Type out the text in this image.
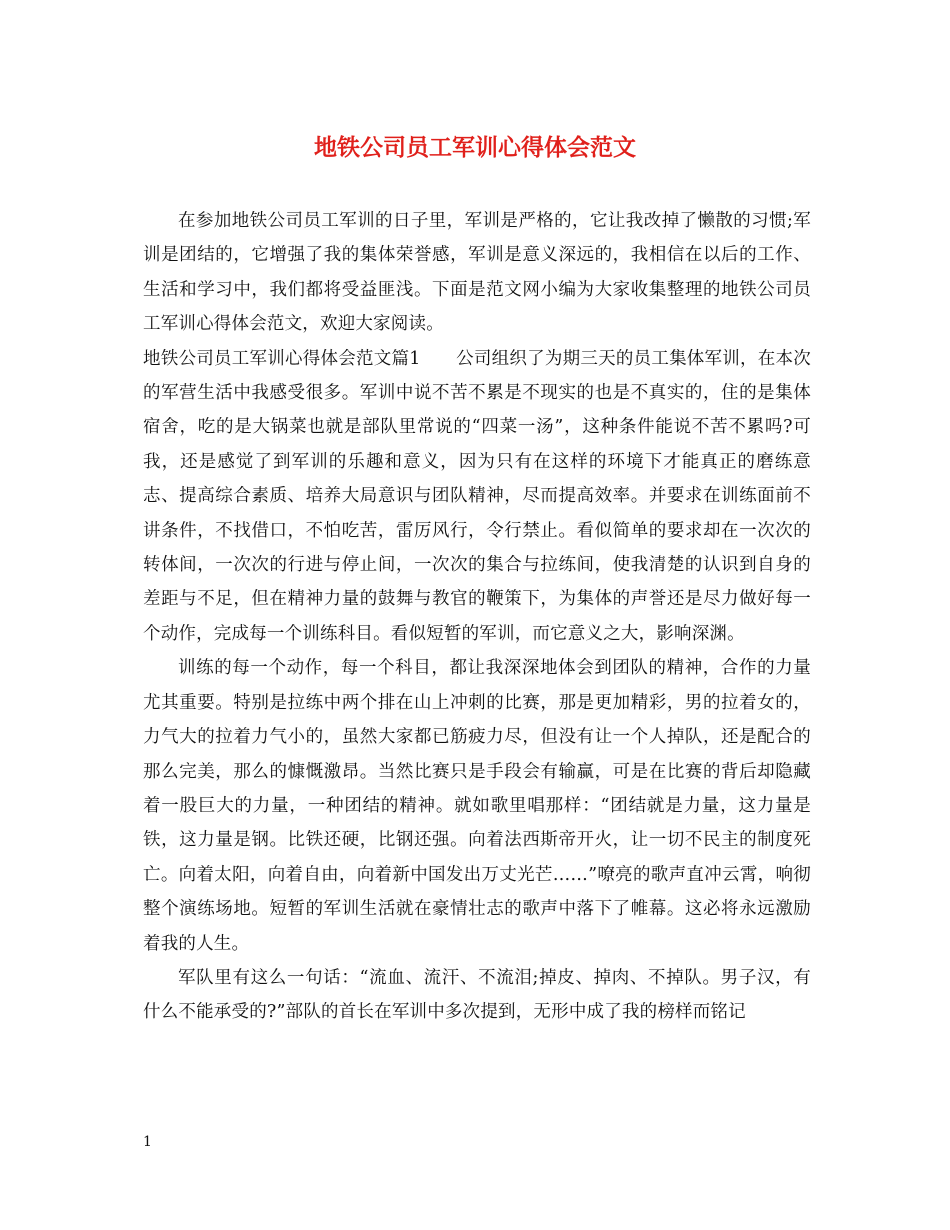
地铁公司员工军训心得体会范文

在参加地铁公司员工军训的日子里，军训是严格的，它让我改掉了懒散的习惯;军训是团结的，它增强了我的集体荣誉感，军训是意义深远的，我相信在以后的工作、生活和学习中，我们都将受益匪浅。下面是范文网小编为大家收集整理的地铁公司员工军训心得体会范文，欢迎大家阅读。

地铁公司员工军训心得体会范文篇1　　公司组织了为期三天的员工集体军训，在本次的军营生活中我感受很多。军训中说不苦不累是不现实的也是不真实的，住的是集体宿舍，吃的是大锅菜也就是部队里常说的“四菜一汤”，这种条件能说不苦不累吗?可我，还是感觉了到军训的乐趣和意义，因为只有在这样的环境下才能真正的磨练意志、提高综合素质、培养大局意识与团队精神，尽而提高效率。并要求在训练面前不讲条件，不找借口，不怕吃苦，雷厉风行，令行禁止。看似简单的要求却在一次次的转体间，一次次的行进与停止间，一次次的集合与拉练间，使我清楚的认识到自身的差距与不足，但在精神力量的鼓舞与教官的鞭策下，为集体的声誉还是尽力做好每一个动作，完成每一个训练科目。看似短暂的军训，而它意义之大，影响深渊。

训练的每一个动作，每一个科目，都让我深深地体会到团队的精神，合作的力量尤其重要。特别是拉练中两个排在山上冲刺的比赛，那是更加精彩，男的拉着女的，力气大的拉着力气小的，虽然大家都已筋疲力尽，但没有让一个人掉队，还是配合的那么完美，那么的慷慨激昂。当然比赛只是手段会有输赢，可是在比赛的背后却隐藏着一股巨大的力量，一种团结的精神。就如歌里唱那样：“团结就是力量，这力量是铁，这力量是钢。比铁还硬，比钢还强。向着法西斯帝开火，让一切不民主的制度死亡。向着太阳，向着自由，向着新中国发出万丈光芒……”嘹亮的歌声直冲云霄，响彻整个演练场地。短暂的军训生活就在豪情壮志的歌声中落下了帷幕。这必将永远激励着我的人生。

军队里有这么一句话：“流血、流汗、不流泪;掉皮、掉肉、不掉队。男子汉，有什么不能承受的?”部队的首长在军训中多次提到，无形中成了我的榜样而铭记

1
